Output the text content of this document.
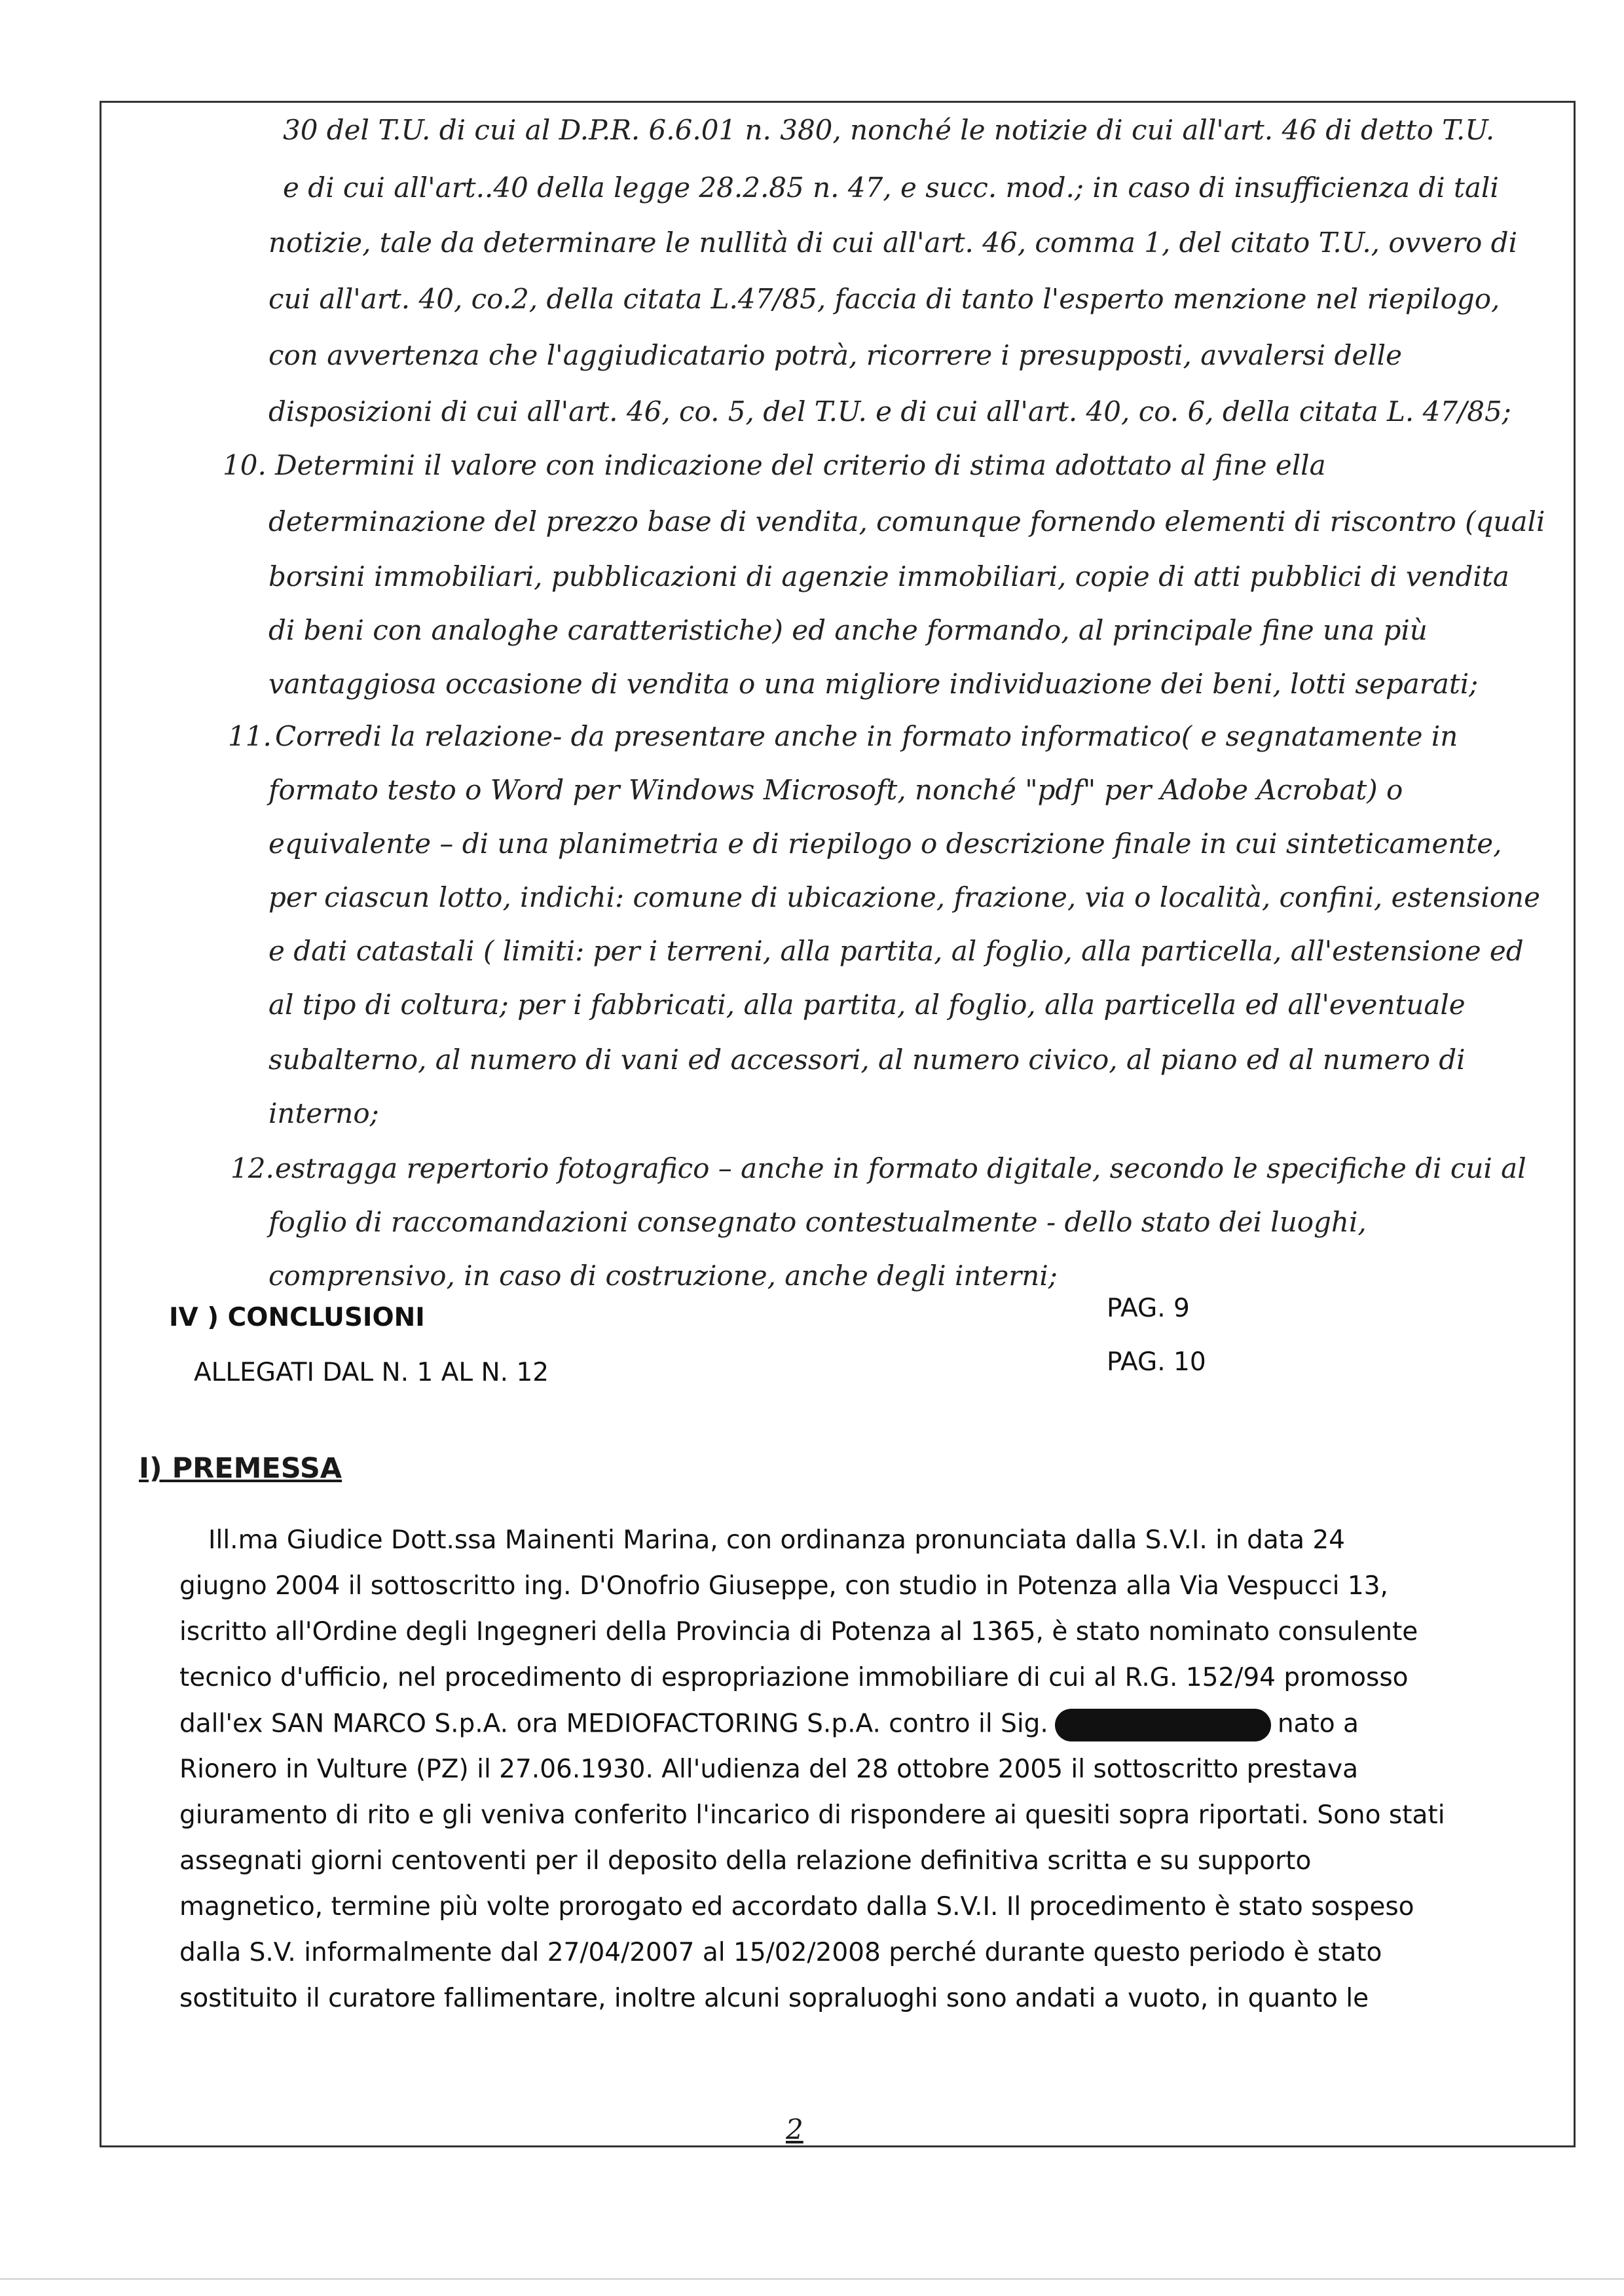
30 del T.U. di cui al D.P.R. 6.6.01 n. 380, nonché le notizie di cui all'art. 46 di detto T.U.
e di cui all'art..40 della legge 28.2.85 n. 47, e succ. mod.; in caso di insufficienza di tali
notizie, tale da determinare le nullità di cui all'art. 46, comma 1, del citato T.U., ovvero di
cui all'art. 40, co.2, della citata L.47/85, faccia di tanto l'esperto menzione nel riepilogo,
con avvertenza che l'aggiudicatario potrà, ricorrere i presupposti, avvalersi delle
disposizioni di cui all'art. 46, co. 5, del T.U. e di cui all'art. 40, co. 6, della citata L. 47/85;
10. Determini il valore con indicazione del criterio di stima adottato al fine ella
determinazione del prezzo base di vendita, comunque fornendo elementi di riscontro (quali
borsini immobiliari, pubblicazioni di agenzie immobiliari, copie di atti pubblici di vendita
di beni con analoghe caratteristiche) ed anche formando, al principale fine una più
vantaggiosa occasione di vendita o una migliore individuazione dei beni, lotti separati;
11. Corredi la relazione- da presentare anche in formato informatico( e segnatamente in
formato testo o Word per Windows Microsoft, nonché "pdf" per Adobe Acrobat) o
equivalente – di una planimetria e di riepilogo o descrizione finale in cui sinteticamente,
per ciascun lotto, indichi: comune di ubicazione, frazione, via o località, confini, estensione
e dati catastali ( limiti: per i terreni, alla partita, al foglio, alla particella, all'estensione ed
al tipo di coltura; per i fabbricati, alla partita, al foglio, alla particella ed all'eventuale
subalterno, al numero di vani ed accessori, al numero civico, al piano ed al numero di
interno;
12. estragga repertorio fotografico – anche in formato digitale, secondo le specifiche di cui al
foglio di raccomandazioni consegnato contestualmente - dello stato dei luoghi,
comprensivo, in caso di costruzione, anche degli interni;
IV ) CONCLUSIONI	PAG. 9
ALLEGATI DAL N. 1 AL N. 12	PAG. 10
I) PREMESSA
Ill.ma Giudice Dott.ssa Mainenti Marina, con ordinanza pronunciata dalla S.V.I. in data 24
giugno 2004 il sottoscritto ing. D'Onofrio Giuseppe, con studio in Potenza alla Via Vespucci 13,
iscritto all'Ordine degli Ingegneri della Provincia di Potenza al 1365, è stato nominato consulente
tecnico d'ufficio, nel procedimento di espropriazione immobiliare di cui al R.G. 152/94 promosso
dall'ex SAN MARCO S.p.A. ora MEDIOFACTORING S.p.A. contro il Sig.	nato a
Rionero in Vulture (PZ) il 27.06.1930. All'udienza del 28 ottobre 2005 il sottoscritto prestava
giuramento di rito e gli veniva conferito l'incarico di rispondere ai quesiti sopra riportati. Sono stati
assegnati giorni centoventi per il deposito della relazione definitiva scritta e su supporto
magnetico, termine più volte prorogato ed accordato dalla S.V.I. Il procedimento è stato sospeso
dalla S.V. informalmente dal 27/04/2007 al 15/02/2008 perché durante questo periodo è stato
sostituito il curatore fallimentare, inoltre alcuni sopraluoghi sono andati a vuoto, in quanto le
2
